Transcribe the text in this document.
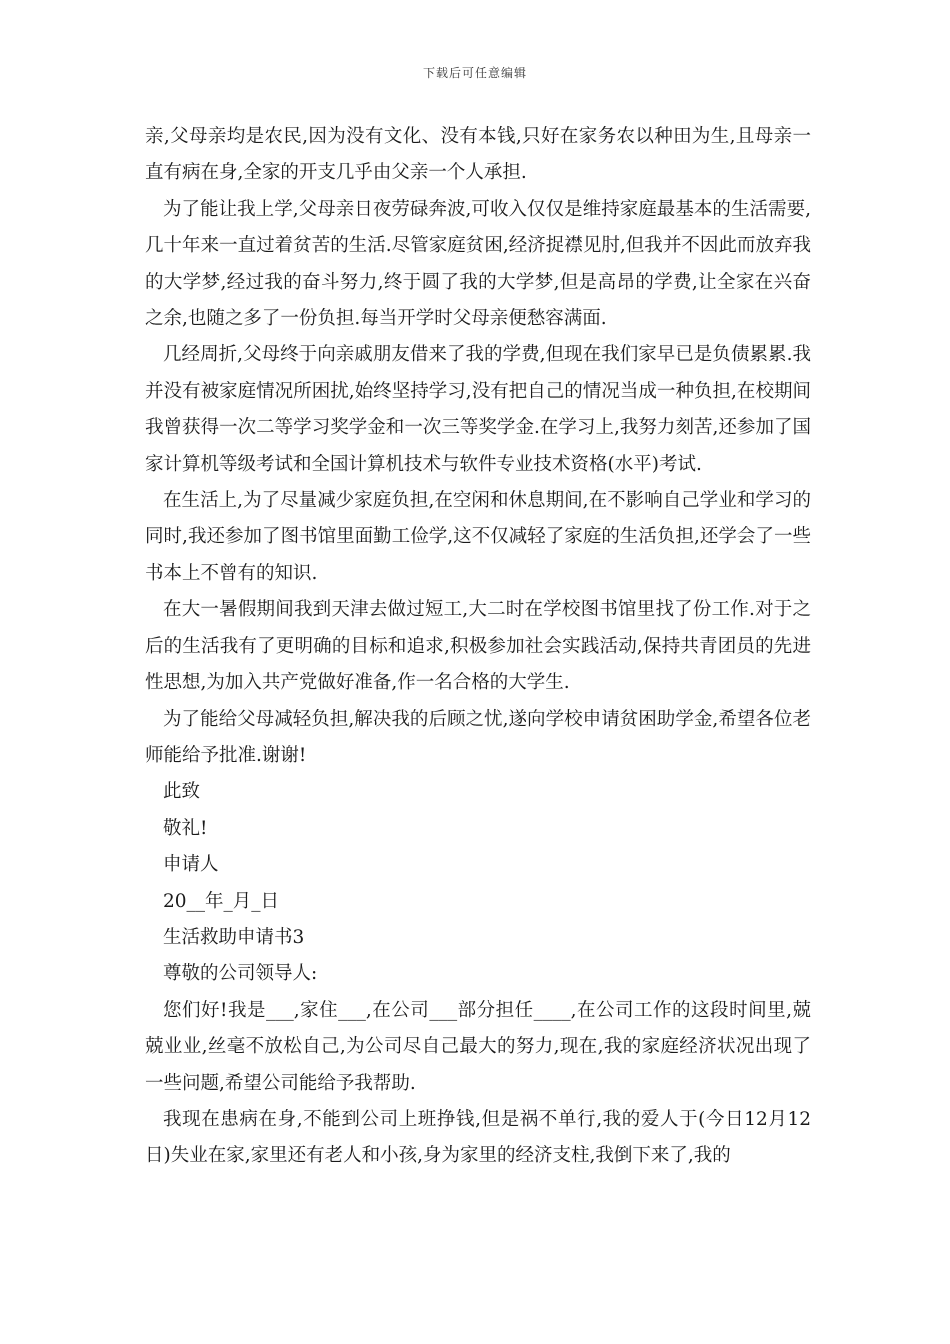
下载后可任意编辑

亲,父母亲均是农民,因为没有文化、没有本钱,只好在家务农以种田为生,且母亲一直有病在身,全家的开支几乎由父亲一个人承担.

为了能让我上学,父母亲日夜劳碌奔波,可收入仅仅是维持家庭最基本的生活需要,几十年来一直过着贫苦的生活.尽管家庭贫困,经济捉襟见肘,但我并不因此而放弃我的大学梦,经过我的奋斗努力,终于圆了我的大学梦,但是高昂的学费,让全家在兴奋之余,也随之多了一份负担.每当开学时父母亲便愁容满面.

几经周折,父母终于向亲戚朋友借来了我的学费,但现在我们家早已是负债累累.我并没有被家庭情况所困扰,始终坚持学习,没有把自己的情况当成一种负担,在校期间我曾获得一次二等学习奖学金和一次三等奖学金.在学习上,我努力刻苦,还参加了国家计算机等级考试和全国计算机技术与软件专业技术资格(水平)考试.

在生活上,为了尽量减少家庭负担,在空闲和休息期间,在不影响自己学业和学习的同时,我还参加了图书馆里面勤工俭学,这不仅减轻了家庭的生活负担,还学会了一些书本上不曾有的知识.

在大一暑假期间我到天津去做过短工,大二时在学校图书馆里找了份工作.对于之后的生活我有了更明确的目标和追求,积极参加社会实践活动,保持共青团员的先进性思想,为加入共产党做好准备,作一名合格的大学生.

为了能给父母减轻负担,解决我的后顾之忧,遂向学校申请贫困助学金,希望各位老师能给予批准.谢谢!

此致

敬礼!

申请人

20__年_月_日

生活救助申请书3

尊敬的公司领导人:

您们好!我是___,家住___,在公司___部分担任____,在公司工作的这段时间里,兢兢业业,丝毫不放松自己,为公司尽自己最大的努力,现在,我的家庭经济状况出现了一些问题,希望公司能给予我帮助.

我现在患病在身,不能到公司上班挣钱,但是祸不单行,我的爱人于(今日12月12日)失业在家,家里还有老人和小孩,身为家里的经济支柱,我倒下来了,我的
